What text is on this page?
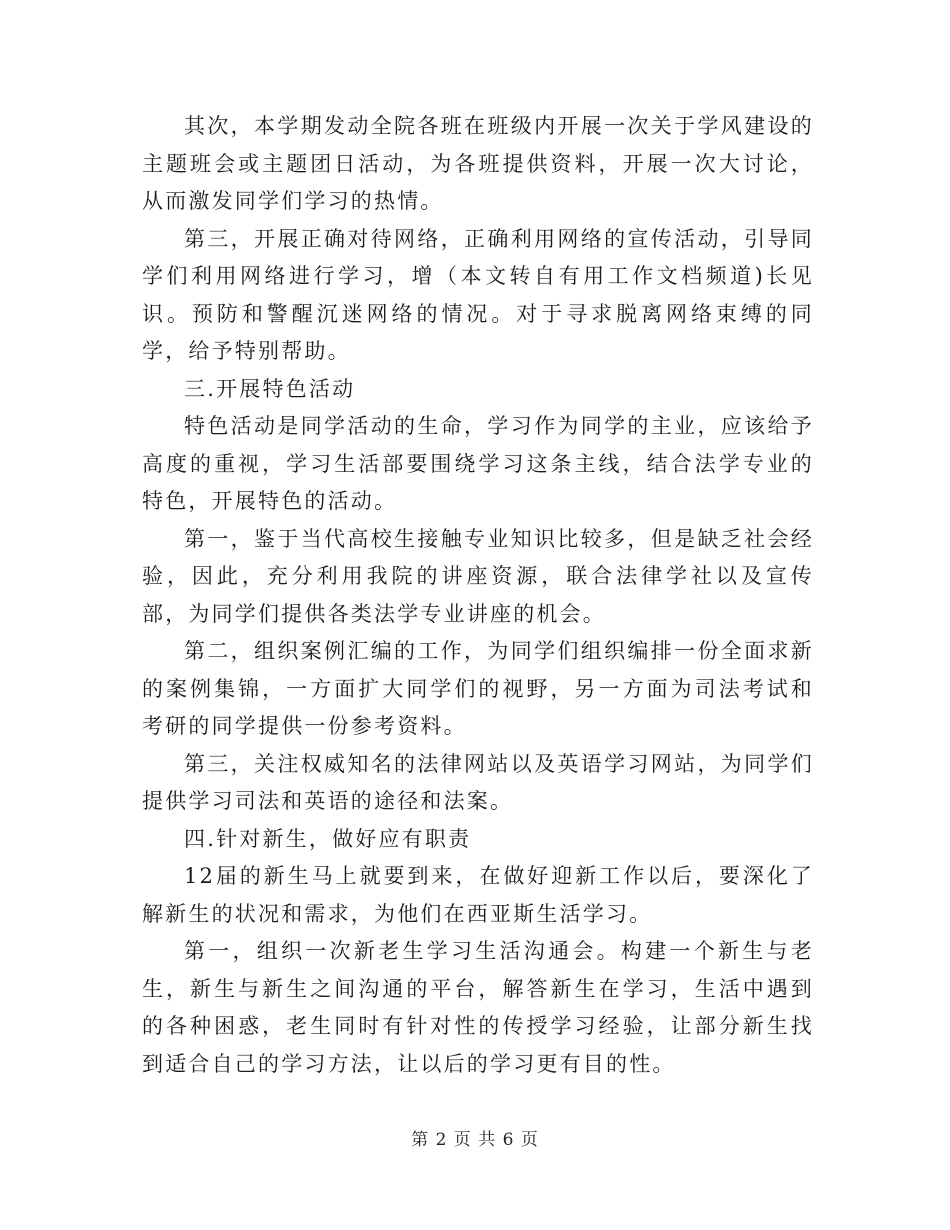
其次，本学期发动全院各班在班级内开展一次关于学风建设的主题班会或主题团日活动，为各班提供资料，开展一次大讨论，从而激发同学们学习的热情。

第三，开展正确对待网络，正确利用网络的宣传活动，引导同学们利用网络进行学习，增（本文转自有用工作文档频道)长见识。预防和警醒沉迷网络的情况。对于寻求脱离网络束缚的同学，给予特别帮助。

三.开展特色活动

特色活动是同学活动的生命，学习作为同学的主业，应该给予高度的重视，学习生活部要围绕学习这条主线，结合法学专业的特色，开展特色的活动。

第一，鉴于当代高校生接触专业知识比较多，但是缺乏社会经验，因此，充分利用我院的讲座资源，联合法律学社以及宣传部，为同学们提供各类法学专业讲座的机会。

第二，组织案例汇编的工作，为同学们组织编排一份全面求新的案例集锦，一方面扩大同学们的视野，另一方面为司法考试和考研的同学提供一份参考资料。

第三，关注权威知名的法律网站以及英语学习网站，为同学们提供学习司法和英语的途径和法案。

四.针对新生，做好应有职责

12届的新生马上就要到来，在做好迎新工作以后，要深化了解新生的状况和需求，为他们在西亚斯生活学习。

第一，组织一次新老生学习生活沟通会。构建一个新生与老生，新生与新生之间沟通的平台，解答新生在学习，生活中遇到的各种困惑，老生同时有针对性的传授学习经验，让部分新生找到适合自己的学习方法，让以后的学习更有目的性。

第 2 页 共 6 页
